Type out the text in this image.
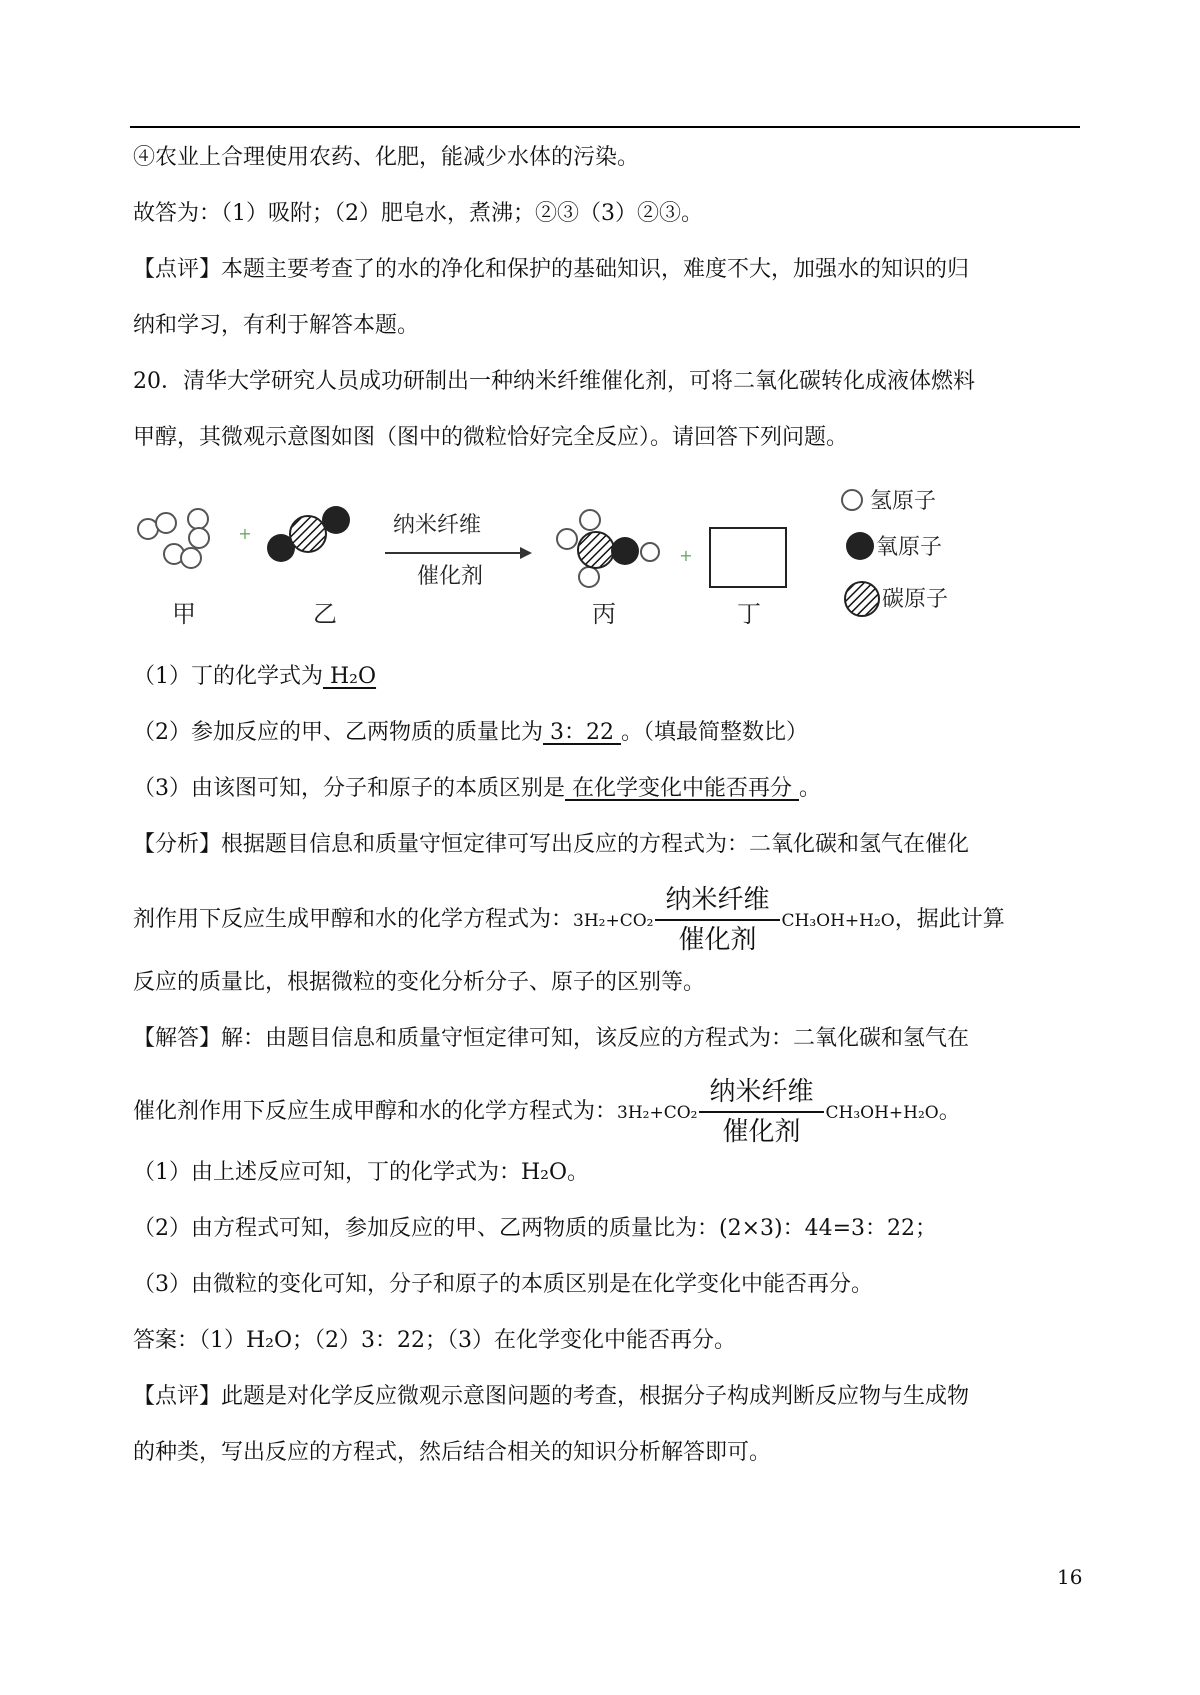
④农业上合理使用农药、化肥，能减少水体的污染。
故答为：（1）吸附；（2）肥皂水，煮沸；②③（3）②③。
【点评】本题主要考查了的水的净化和保护的基础知识，难度不大，加强水的知识的归
纳和学习，有利于解答本题。
20．清华大学研究人员成功研制出一种纳米纤维催化剂，可将二氧化碳转化成液体燃料
甲醇，其微观示意图如图（图中的微粒恰好完全反应）。请回答下列问题。
+	纳米纤维
催化剂
+
甲	乙	丙	丁
氢原子
氧原子
碳原子
（1）丁的化学式为 H₂O
（2）参加反应的甲、乙两物质的质量比为 3：22 。（填最简整数比）
（3）由该图可知，分子和原子的本质区别是 在化学变化中能否再分 。
【分析】根据题目信息和质量守恒定律可写出反应的方程式为：二氧化碳和氢气在催化
剂作用下反应生成甲醇和水的化学方程式为：3H₂+CO₂
纳米纤维
催化剂
CH₃OH+H₂O，据此计算
反应的质量比，根据微粒的变化分析分子、原子的区别等。
【解答】解：由题目信息和质量守恒定律可知，该反应的方程式为：二氧化碳和氢气在
催化剂作用下反应生成甲醇和水的化学方程式为：3H₂+CO₂
纳米纤维
催化剂
CH₃OH+H₂O。
（1）由上述反应可知，丁的化学式为：H₂O。
（2）由方程式可知，参加反应的甲、乙两物质的质量比为：(2×3)：44=3：22；
（3）由微粒的变化可知，分子和原子的本质区别是在化学变化中能否再分。
答案：（1）H₂O；（2）3：22；（3）在化学变化中能否再分。
【点评】此题是对化学反应微观示意图问题的考查，根据分子构成判断反应物与生成物
的种类，写出反应的方程式，然后结合相关的知识分析解答即可。
16
